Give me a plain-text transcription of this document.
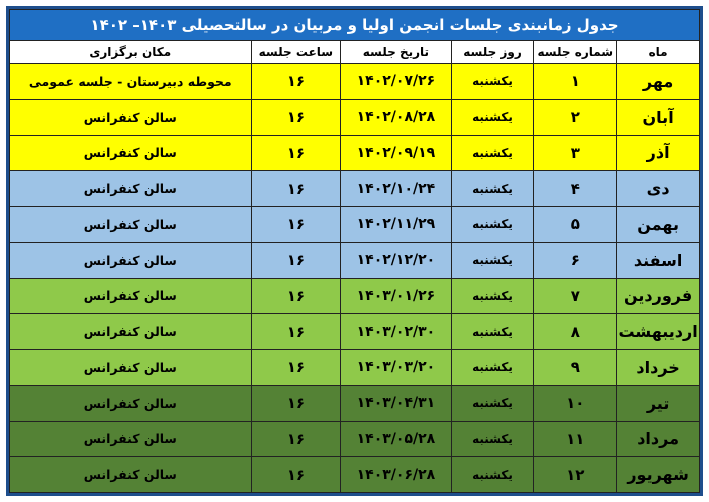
جدول زمانبندی جلسات انجمن اولیا و مربیان در سالتحصیلی ۱۴۰۳– ۱۴۰۲					
ماه	شماره جلسه	روز جلسه	تاریخ جلسه	ساعت جلسه	مکان برگزاری
مهر	۱	یکشنبه	۱۴۰۲/۰۷/۲۶	۱۶	محوطه دبیرستان - جلسه عمومی
آبان	۲	یکشنبه	۱۴۰۲/۰۸/۲۸	۱۶	سالن کنفرانس
آذر	۳	یکشنبه	۱۴۰۲/۰۹/۱۹	۱۶	سالن کنفرانس
دی	۴	یکشنبه	۱۴۰۲/۱۰/۲۴	۱۶	سالن کنفرانس
بهمن	۵	یکشنبه	۱۴۰۲/۱۱/۲۹	۱۶	سالن کنفرانس
اسفند	۶	یکشنبه	۱۴۰۲/۱۲/۲۰	۱۶	سالن کنفرانس
فروردین	۷	یکشنبه	۱۴۰۳/۰۱/۲۶	۱۶	سالن کنفرانس
اردیبهشت	۸	یکشنبه	۱۴۰۳/۰۲/۳۰	۱۶	سالن کنفرانس
خرداد	۹	یکشنبه	۱۴۰۳/۰۳/۲۰	۱۶	سالن کنفرانس
تیر	۱۰	یکشنبه	۱۴۰۳/۰۴/۳۱	۱۶	سالن کنفرانس
مرداد	۱۱	یکشنبه	۱۴۰۳/۰۵/۲۸	۱۶	سالن کنفرانس
شهریور	۱۲	یکشنبه	۱۴۰۳/۰۶/۲۸	۱۶	سالن کنفرانس
